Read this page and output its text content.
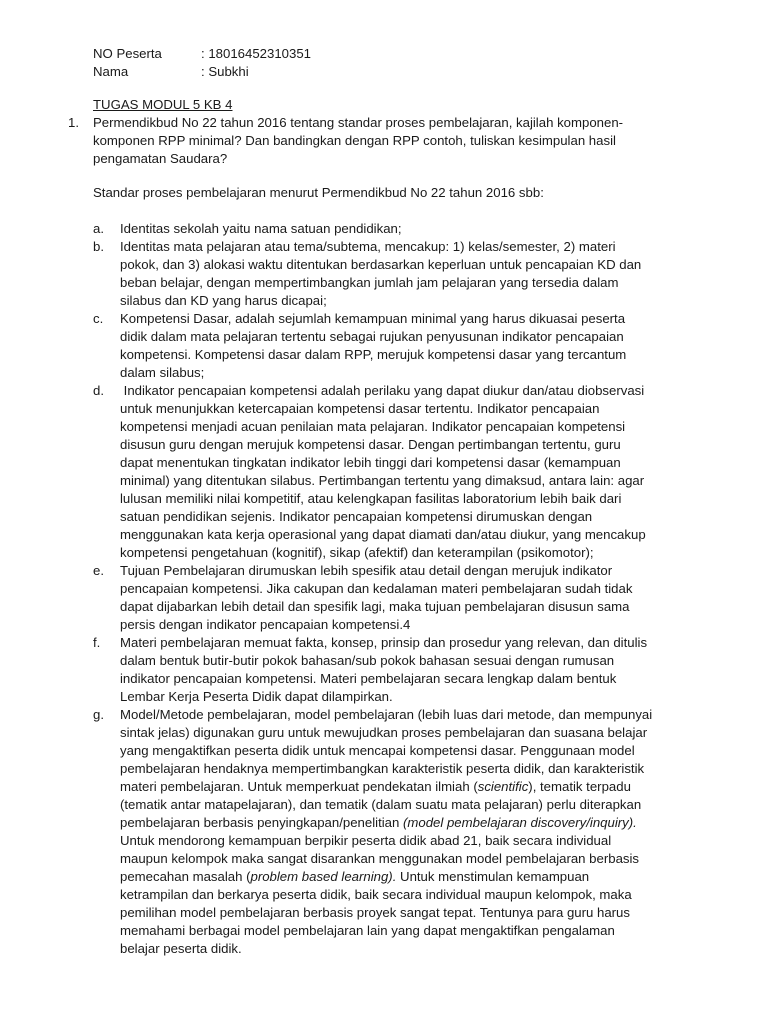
NO Peserta	: 18016452310351
Nama	: Subkhi
TUGAS MODUL 5 KB 4
1. Permendikbud No 22 tahun 2016 tentang standar proses pembelajaran, kajilah komponen-komponen RPP minimal? Dan bandingkan dengan RPP contoh, tuliskan kesimpulan hasil pengamatan Saudara?
Standar proses pembelajaran menurut Permendikbud No 22 tahun 2016 sbb:
a.	Identitas sekolah yaitu nama satuan pendidikan;
b.	Identitas mata pelajaran atau tema/subtema, mencakup: 1) kelas/semester, 2) materi pokok, dan 3) alokasi waktu ditentukan berdasarkan keperluan untuk pencapaian KD dan beban belajar, dengan mempertimbangkan jumlah jam pelajaran yang tersedia dalam silabus dan KD yang harus dicapai;
c.	Kompetensi Dasar, adalah sejumlah kemampuan minimal yang harus dikuasai peserta didik dalam mata pelajaran tertentu sebagai rujukan penyusunan indikator pencapaian kompetensi. Kompetensi dasar dalam RPP, merujuk kompetensi dasar yang tercantum dalam silabus;
d.	Indikator pencapaian kompetensi adalah perilaku yang dapat diukur dan/atau diobservasi untuk menunjukkan ketercapaian kompetensi dasar tertentu. Indikator pencapaian kompetensi menjadi acuan penilaian mata pelajaran. Indikator pencapaian kompetensi disusun guru dengan merujuk kompetensi dasar. Dengan pertimbangan tertentu, guru dapat menentukan tingkatan indikator lebih tinggi dari kompetensi dasar (kemampuan minimal) yang ditentukan silabus. Pertimbangan tertentu yang dimaksud, antara lain: agar lulusan memiliki nilai kompetitif, atau kelengkapan fasilitas laboratorium lebih baik dari satuan pendidikan sejenis. Indikator pencapaian kompetensi dirumuskan dengan menggunakan kata kerja operasional yang dapat diamati dan/atau diukur, yang mencakup kompetensi pengetahuan (kognitif), sikap (afektif) dan keterampilan (psikomotor);
e.	Tujuan Pembelajaran dirumuskan lebih spesifik atau detail dengan merujuk indikator pencapaian kompetensi. Jika cakupan dan kedalaman materi pembelajaran sudah tidak dapat dijabarkan lebih detail dan spesifik lagi, maka tujuan pembelajaran disusun sama persis dengan indikator pencapaian kompetensi.4
f.	Materi pembelajaran memuat fakta, konsep, prinsip dan prosedur yang relevan, dan ditulis dalam bentuk butir-butir pokok bahasan/sub pokok bahasan sesuai dengan rumusan indikator pencapaian kompetensi. Materi pembelajaran secara lengkap dalam bentuk Lembar Kerja Peserta Didik dapat dilampirkan.
g.	Model/Metode pembelajaran, model pembelajaran (lebih luas dari metode, dan mempunyai sintak jelas) digunakan guru untuk mewujudkan proses pembelajaran dan suasana belajar yang mengaktifkan peserta didik untuk mencapai kompetensi dasar. Penggunaan model pembelajaran hendaknya mempertimbangkan karakteristik peserta didik, dan karakteristik materi pembelajaran. Untuk memperkuat pendekatan ilmiah (scientific), tematik terpadu (tematik antar matapelajaran), dan tematik (dalam suatu mata pelajaran) perlu diterapkan pembelajaran berbasis penyingkapan/penelitian (model pembelajaran discovery/inquiry). Untuk mendorong kemampuan berpikir peserta didik abad 21, baik secara individual maupun kelompok maka sangat disarankan menggunakan model pembelajaran berbasis pemecahan masalah (problem based learning). Untuk menstimulan kemampuan ketrampilan dan berkarya peserta didik, baik secara individual maupun kelompok, maka pemilihan model pembelajaran berbasis proyek sangat tepat. Tentunya para guru harus memahami berbagai model pembelajaran lain yang dapat mengaktifkan pengalaman belajar peserta didik.
